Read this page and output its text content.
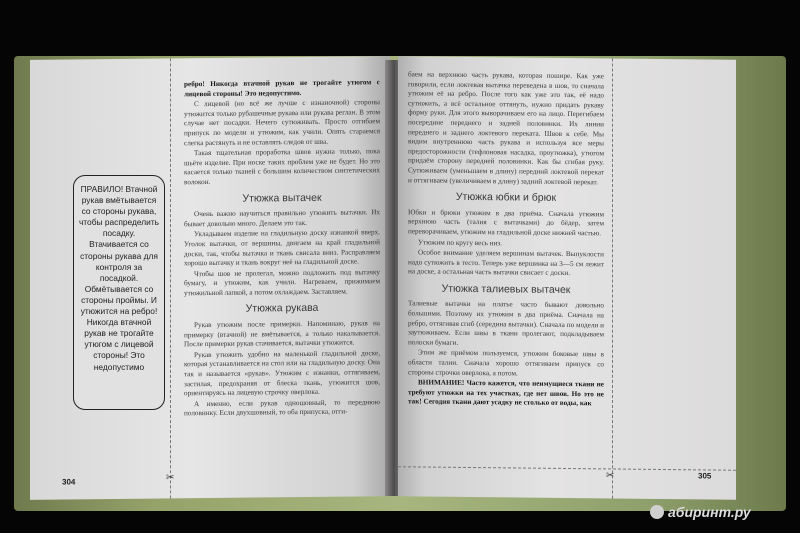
ребро! Никогда втачной рукав не трогайте утюгом с лицевой стороны! Это недопустимо.

С лицевой (но всё же лучше с изнаночной) стороны утюжится только рубашечные рукава или рукава реглан. В этом случае нет посадки. Нечего сутюживать. Просто отгибаем припуск по модели и утюжим, как учили. Опять стараемся слегка растянуть и не оставлять следов от шва.

Такая тщательная проработка швов нужна только, пока шьёте изделие. При носке таких проблем уже не будет. Но это касается только тканей с большим количеством синтетических волокон.

Утюжка вытачек

Очень важно научиться правильно утюжить вытачки. Их бывает довольно много. Делаем это так.

Укладываем изделие на гладильную доску изнанкой вверх. Уголок вытачки, от вершины, двигаем на край гладильной доски, так, чтобы вытачка и ткань свисала вниз. Расправляем хорошо вытачку и ткань вокруг неё на гладильной доске.

Чтобы шов не пролегал, можно подложить под вытачку бумагу, и утюжим, как учили. Нагреваем, прижимаем утюжильной лапкой, а потом охлаждаем. Заставляем.

Утюжка рукава

Рукав утюжим после примерки. Напоминаю, рукав на примерку (втачной) не вмётывается, а только накалывается. После примерки рукав стачивается, вытачки утюжится.

Рукав утюжить удобно на маленькой гладильной доске, которая устанавливается на стол или на гладильную доску. Она так и называется «рукав». Утюжим с изнанки, оттягиваем, застилая, предохраняя от блеска ткань, утюжится шов, ориентируясь на лицевую строчку оверлока.

А именно, если рукав одношовный, то переднюю половинку. Если двухшовный, то оба припуска, отги-

304	✂
ПРАВИЛО! Втачной рукав вмётывается со стороны рукава, чтобы распределить посадку. Втачивается со стороны рукава для контроля за посадкой. Обмётывается со стороны проймы. И утюжится на ребро! Никогда втачной рукав не трогайте утюгом с лицевой стороны! Это недопустимо

баем на верхнюю часть рукава, которая пошире. Как уже говорили, если локтевая вытачка переведена в шов, то сначала утюжим её на ребро. После того как уже это так, её надо сутюжить, а всё остальное оттянуть, нужно придать рукаву форму руки. Для этого выворачиваем его на лицо. Перегибаем посередине переднего и задней половинки. Их линии переднего и заднего локтевого переката. Швов к себе. Мы видим внутреннюю часть рукава и используя все меры предосторожности (тефлоновая насадка, проутюжка), утюгом придаём сторону передней половинки. Как бы сгибая руку. Сутюживаем (уменьшаем в длину) передний локтевой перекат и оттягиваем (увеличиваем в длину) задний локтевой перекат.

Утюжка юбки и брюк

Юбки и брюки утюжим в два приёма. Сначала утюжим верхнюю часть (талия с вытачками) до бёдер, затем переворачиваем, утюжим на гладильной доске нижней частью.

Утюжим по кругу весь низ.

Особое внимание уделяем вершинам вытачек. Выпуклости надо сутюжить в тесто. Теперь уже вершинка на 3—5 см лежит на доске, а остальная часть вытачки свисает с доски.

Утюжка талиевых вытачек

Талиевые вытачки на платье часто бывают довольно большими. Поэтому их утюжим в два приёма. Сначала на ребро, оттягивая сгиб (середина вытачки). Сначала по модели и заутюживаем. Если швы в ткани пролегают, подкладываем полоски бумаги.

Этим же приёмом пользуемся, утюжим боковые швы в области талии. Сначала хорошо оттягиваем припуск со стороны строчки оверлока, а потом.

ВНИМАНИЕ! Часто кажется, что неимущиеся ткани не требуют утюжки на тех участках, где нет швов. Но это не так! Сегодня ткани дают усадку не столько от воды, как

✂	305
абиринт.ру
